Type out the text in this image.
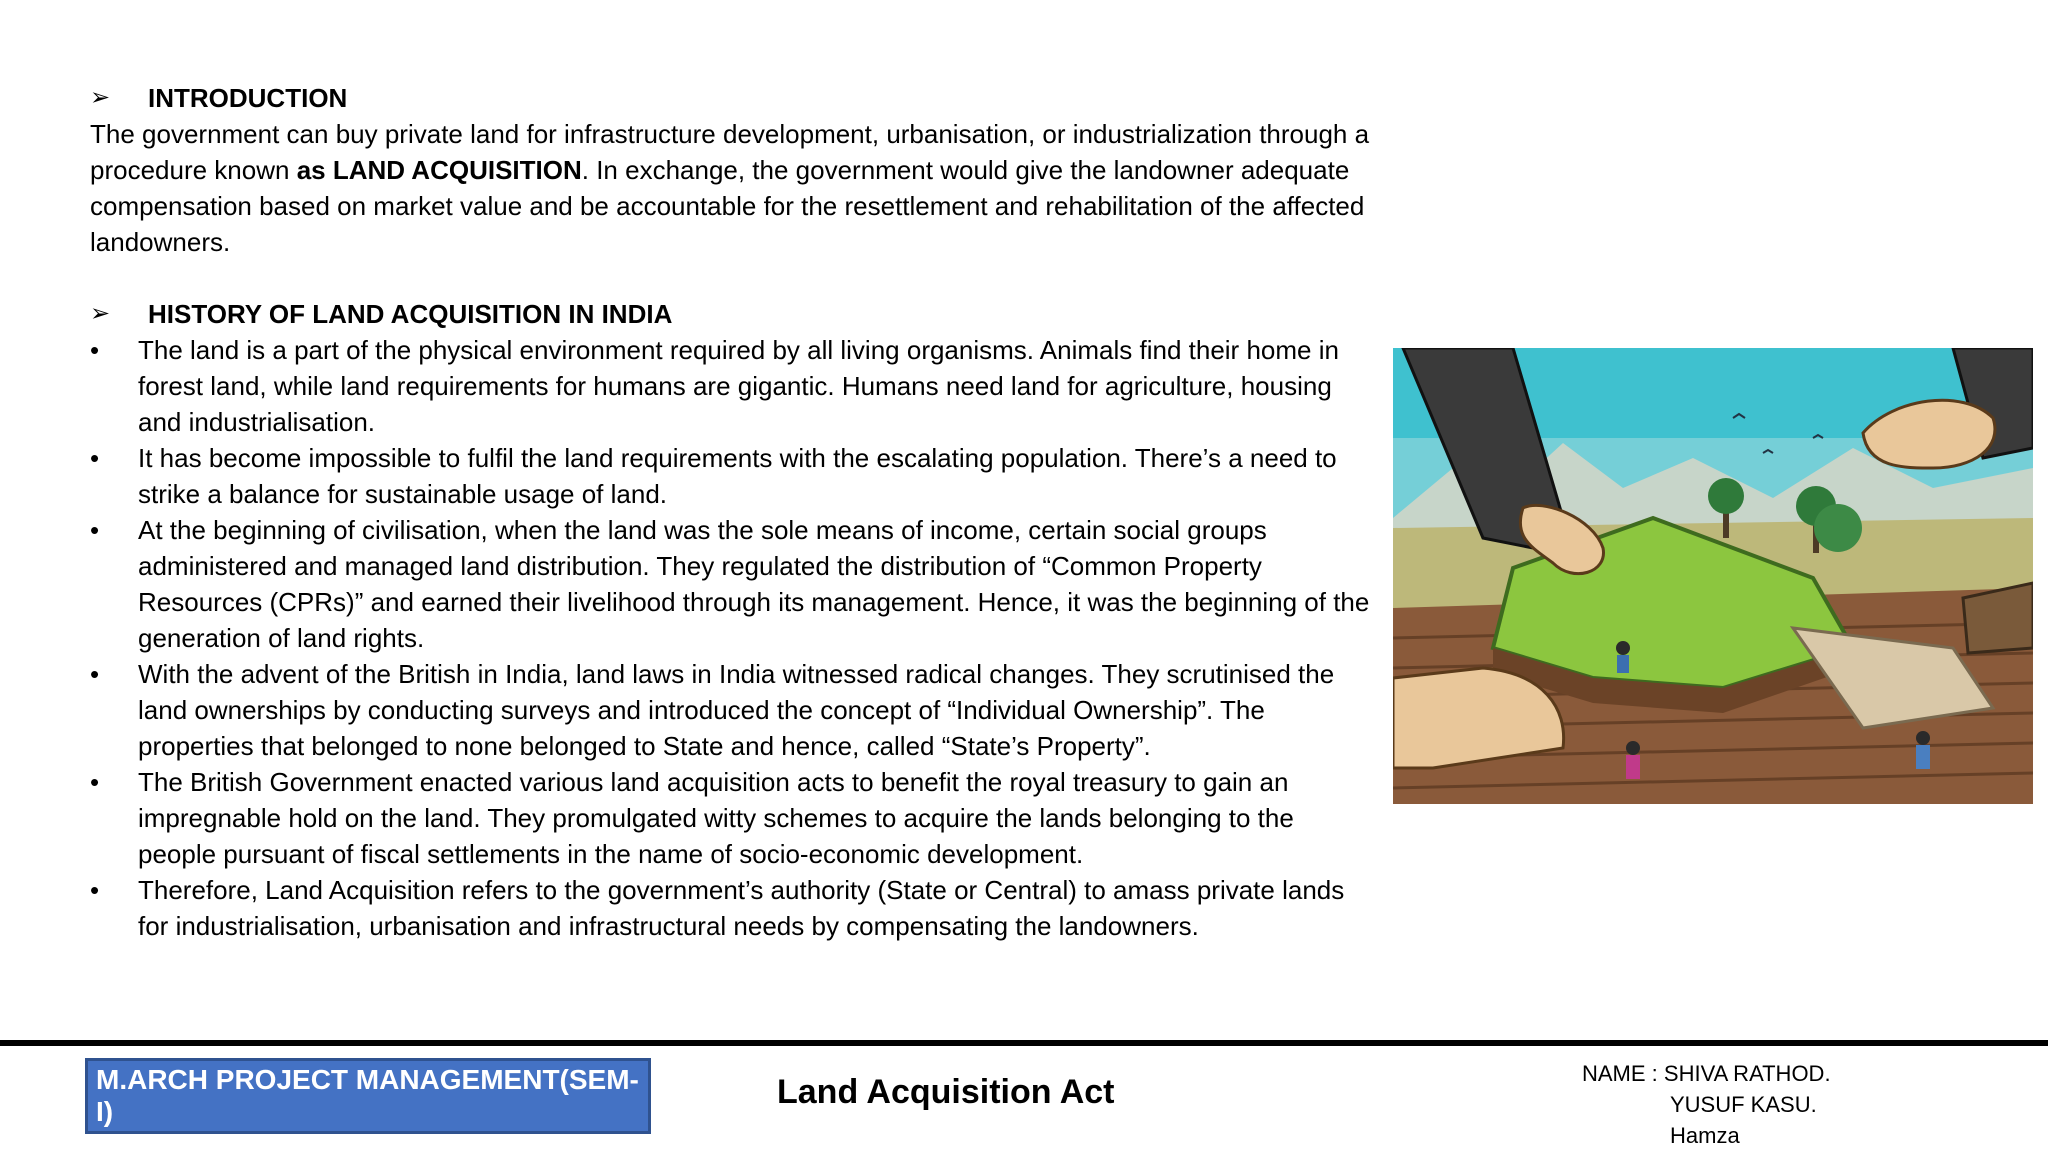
➢	INTRODUCTION

The government can buy private land for infrastructure development, urbanisation, or industrialization through a procedure known as LAND ACQUISITION. In exchange, the government would give the landowner adequate compensation based on market value and be accountable for the resettlement and rehabilitation of the affected landowners.

➢	HISTORY OF LAND ACQUISITION IN INDIA
•	The land is a part of the physical environment required by all living organisms. Animals find their home in forest land, while land requirements for humans are gigantic. Humans need land for agriculture, housing and industrialisation.
•	It has become impossible to fulfil the land requirements with the escalating population. There’s a need to strike a balance for sustainable usage of land.
•	At the beginning of civilisation, when the land was the sole means of income, certain social groups administered and managed land distribution. They regulated the distribution of “Common Property Resources (CPRs)” and earned their livelihood through its management. Hence, it was the beginning of the generation of land rights.
•	With the advent of the British in India, land laws in India witnessed radical changes. They scrutinised the land ownerships by conducting surveys and introduced the concept of “Individual Ownership”. The properties that belonged to none belonged to State and hence, called “State’s Property”.
•	The British Government enacted various land acquisition acts to benefit the royal treasury to gain an impregnable hold on the land. They promulgated witty schemes to acquire the lands belonging to the people pursuant of fiscal settlements in the name of socio-economic development.
•	Therefore, Land Acquisition refers to the government’s authority (State or Central) to amass private lands for industrialisation, urbanisation and infrastructural needs by compensating the landowners.
M.ARCH PROJECT MANAGEMENT(SEM-I)
Land Acquisition Act	NAME : SHIVA RATHOD.
YUSUF KASU.
Hamza
